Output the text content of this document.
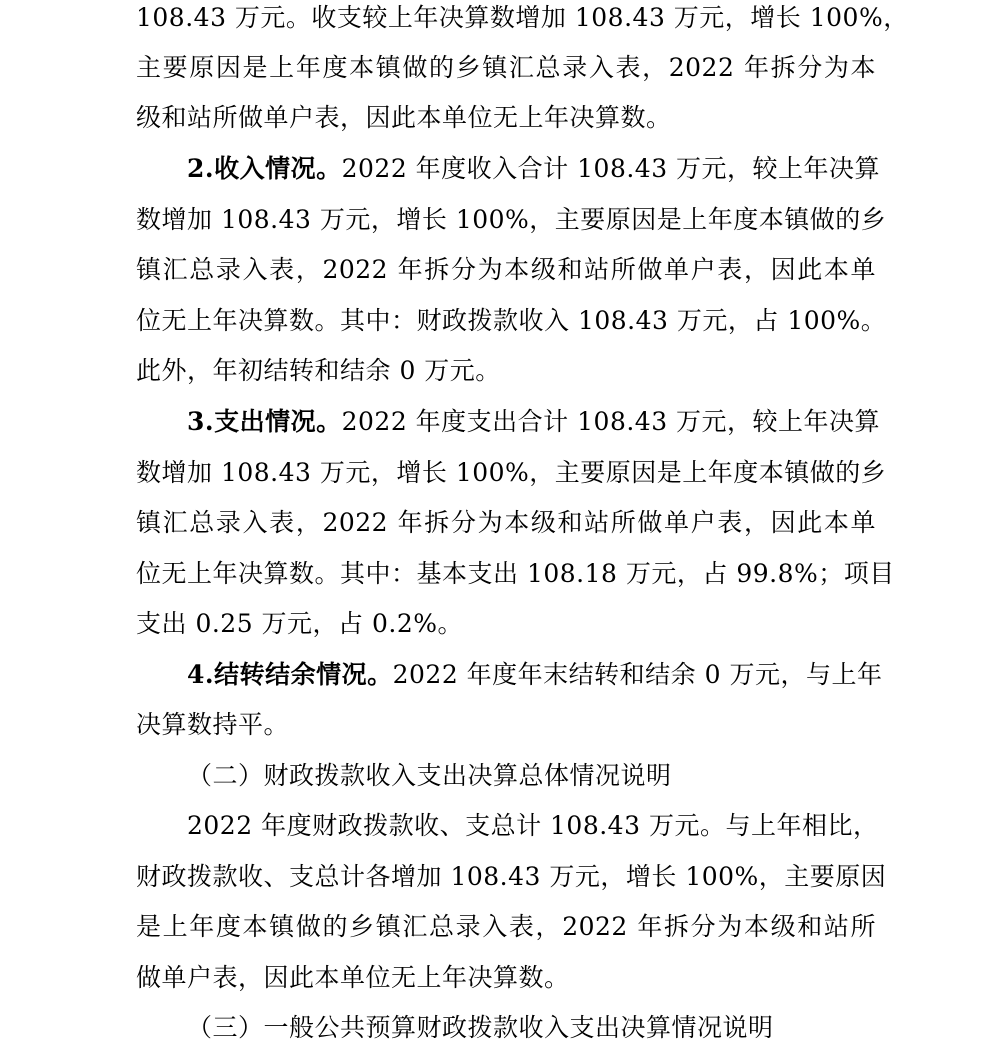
108.43 万元。收支较上年决算数增加 108.43 万元，增长 100%，
主要原因是上年度本镇做的乡镇汇总录入表，2022 年拆分为本
级和站所做单户表，因此本单位无上年决算数。
2.收入情况。2022 年度收入合计 108.43 万元，较上年决算
数增加 108.43 万元，增长 100%，主要原因是上年度本镇做的乡
镇汇总录入表，2022 年拆分为本级和站所做单户表，因此本单
位无上年决算数。其中：财政拨款收入 108.43 万元，占 100%。
此外，年初结转和结余 0 万元。
3.支出情况。2022 年度支出合计 108.43 万元，较上年决算
数增加 108.43 万元，增长 100%，主要原因是上年度本镇做的乡
镇汇总录入表，2022 年拆分为本级和站所做单户表，因此本单
位无上年决算数。其中：基本支出 108.18 万元，占 99.8%；项目
支出 0.25 万元，占 0.2%。
4.结转结余情况。2022 年度年末结转和结余 0 万元，与上年
决算数持平。
（二）财政拨款收入支出决算总体情况说明
2022 年度财政拨款收、支总计 108.43 万元。与上年相比，
财政拨款收、支总计各增加 108.43 万元，增长 100%，主要原因
是上年度本镇做的乡镇汇总录入表，2022 年拆分为本级和站所
做单户表，因此本单位无上年决算数。
（三）一般公共预算财政拨款收入支出决算情况说明
